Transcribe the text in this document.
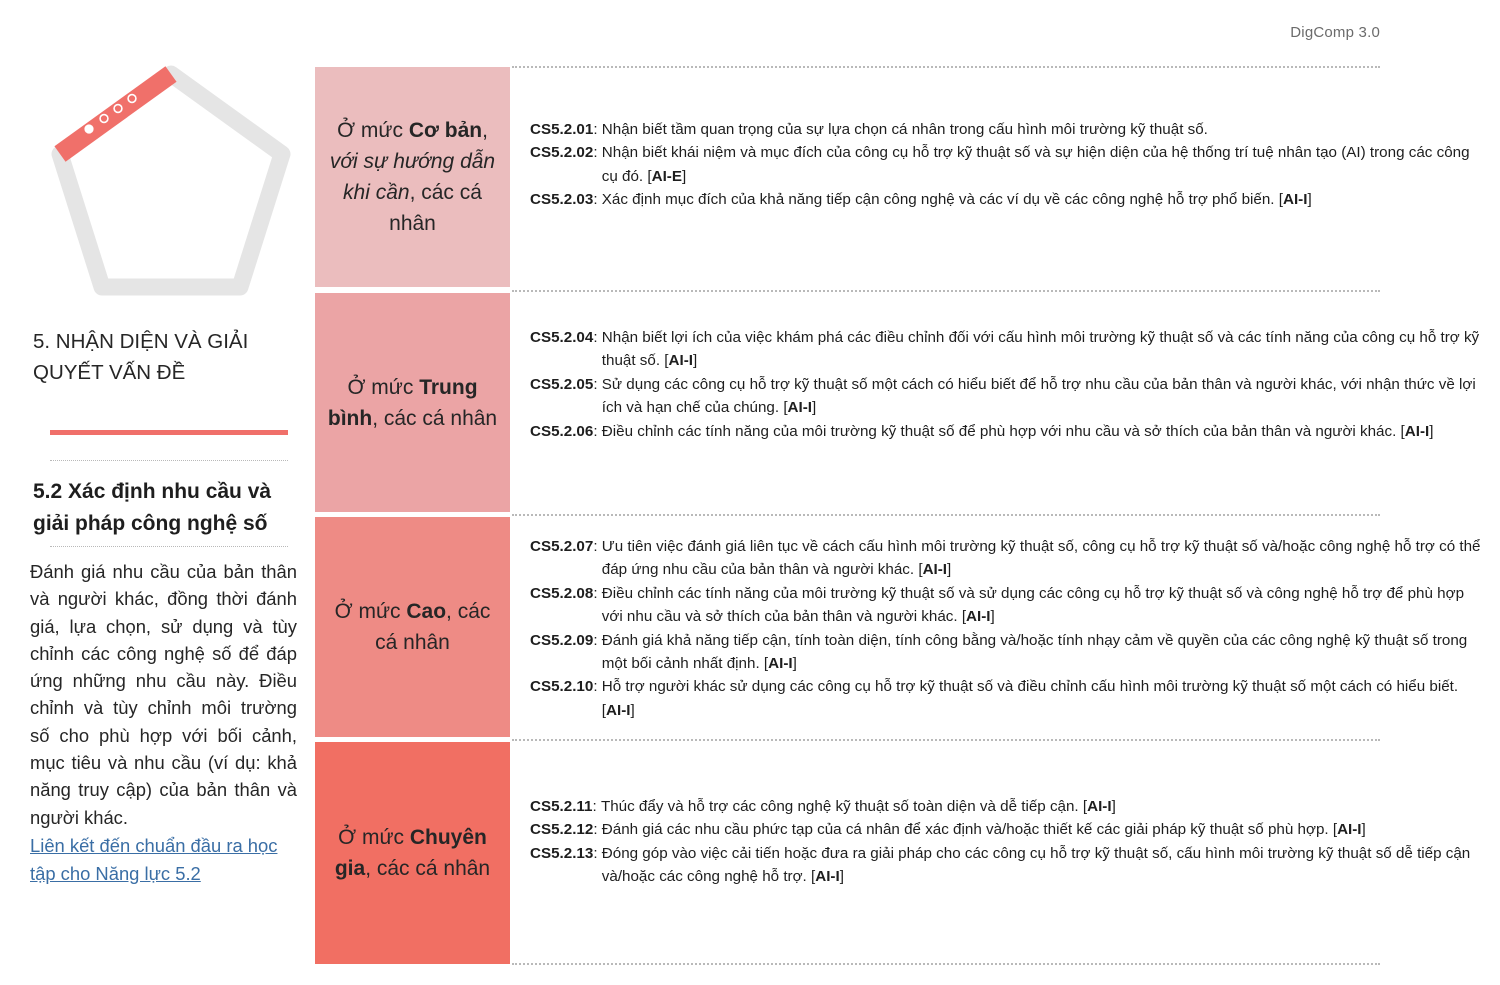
DigComp 3.0
5. NHẬN DIỆN VÀ GIẢI QUYẾT VẤN ĐỀ
5.2 Xác định nhu cầu và giải pháp công nghệ số
Đánh giá nhu cầu của bản thân và người khác, đồng thời đánh giá, lựa chọn, sử dụng và tùy chỉnh các công nghệ số để đáp ứng những nhu cầu này. Điều chỉnh và tùy chỉnh môi trường số cho phù hợp với bối cảnh, mục tiêu và nhu cầu (ví dụ: khả năng truy cập) của bản thân và người khác.
Liên kết đến chuẩn đầu ra học tập cho Năng lực 5.2
Ở mức Cơ bản,
với sự hướng dẫn khi cần, các cá nhân
Ở mức Trung bình, các cá nhân
Ở mức Cao, các cá nhân
Ở mức Chuyên gia, các cá nhân
CS5.2.01 : Nhận biết tầm quan trọng của sự lựa chọn cá nhân trong cấu hình môi trường kỹ thuật số.
CS5.2.02 : Nhận biết khái niệm và mục đích của công cụ hỗ trợ kỹ thuật số và sự hiện diện của hệ thống trí tuệ nhân tạo (AI) trong các công cụ đó. [AI-E]
CS5.2.03 : Xác định mục đích của khả năng tiếp cận công nghệ và các ví dụ về các công nghệ hỗ trợ phổ biến. [AI-I]
CS5.2.04 : Nhận biết lợi ích của việc khám phá các điều chỉnh đối với cấu hình môi trường kỹ thuật số và các tính năng của công cụ hỗ trợ kỹ thuật số. [AI-I]
CS5.2.05 : Sử dụng các công cụ hỗ trợ kỹ thuật số một cách có hiểu biết để hỗ trợ nhu cầu của bản thân và người khác, với nhận thức về lợi ích và hạn chế của chúng. [AI-I]
CS5.2.06 : Điều chỉnh các tính năng của môi trường kỹ thuật số để phù hợp với nhu cầu và sở thích của bản thân và người khác. [AI-I]
CS5.2.07 : Ưu tiên việc đánh giá liên tục về cách cấu hình môi trường kỹ thuật số, công cụ hỗ trợ kỹ thuật số và/hoặc công nghệ hỗ trợ có thể đáp ứng nhu cầu của bản thân và người khác. [AI-I]
CS5.2.08 : Điều chỉnh các tính năng của môi trường kỹ thuật số và sử dụng các công cụ hỗ trợ kỹ thuật số và công nghệ hỗ trợ để phù hợp với nhu cầu và sở thích của bản thân và người khác. [AI-I]
CS5.2.09 : Đánh giá khả năng tiếp cận, tính toàn diện, tính công bằng và/hoặc tính nhạy cảm về quyền của các công nghệ kỹ thuật số trong một bối cảnh nhất định. [AI-I]
CS5.2.10 : Hỗ trợ người khác sử dụng các công cụ hỗ trợ kỹ thuật số và điều chỉnh cấu hình môi trường kỹ thuật số một cách có hiểu biết. [AI-I]
CS5.2.11 : Thúc đẩy và hỗ trợ các công nghệ kỹ thuật số toàn diện và dễ tiếp cận. [AI-I]
CS5.2.12 : Đánh giá các nhu cầu phức tạp của cá nhân để xác định và/hoặc thiết kế các giải pháp kỹ thuật số phù hợp. [AI-I]
CS5.2.13 : Đóng góp vào việc cải tiến hoặc đưa ra giải pháp cho các công cụ hỗ trợ kỹ thuật số, cấu hình môi trường kỹ thuật số dễ tiếp cận và/hoặc các công nghệ hỗ trợ. [AI-I]
